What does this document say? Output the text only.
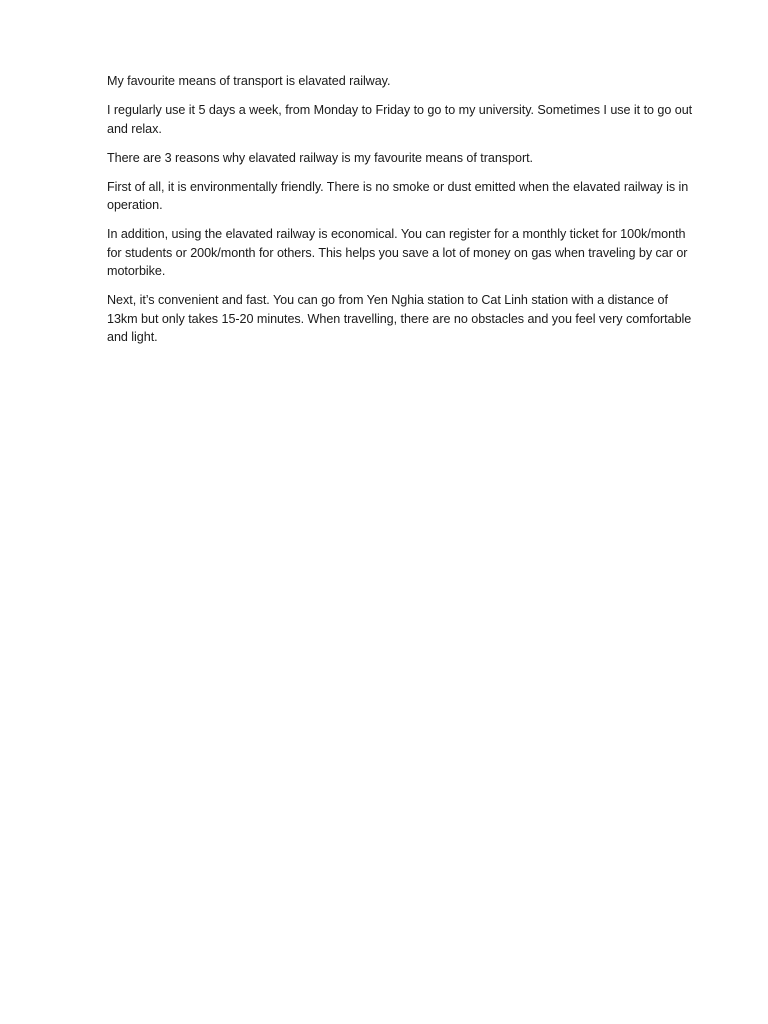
My favourite means of transport is elavated railway.

I regularly use it 5 days a week, from Monday to Friday to go to my university. Sometimes I use it to go out and relax.

There are 3 reasons why elavated railway is my favourite means of transport.

First of all, it is environmentally friendly. There is no smoke or dust emitted when the elavated railway is in operation.

In addition, using the elavated railway is economical. You can register for a monthly ticket for 100k/month for students or 200k/month for others. This helps you save a lot of money on gas when traveling by car or motorbike.

Next, it’s convenient and fast. You can go from Yen Nghia station to Cat Linh station with a distance of 13km but only takes 15-20 minutes. When travelling, there are no obstacles and you feel very comfortable and light.
